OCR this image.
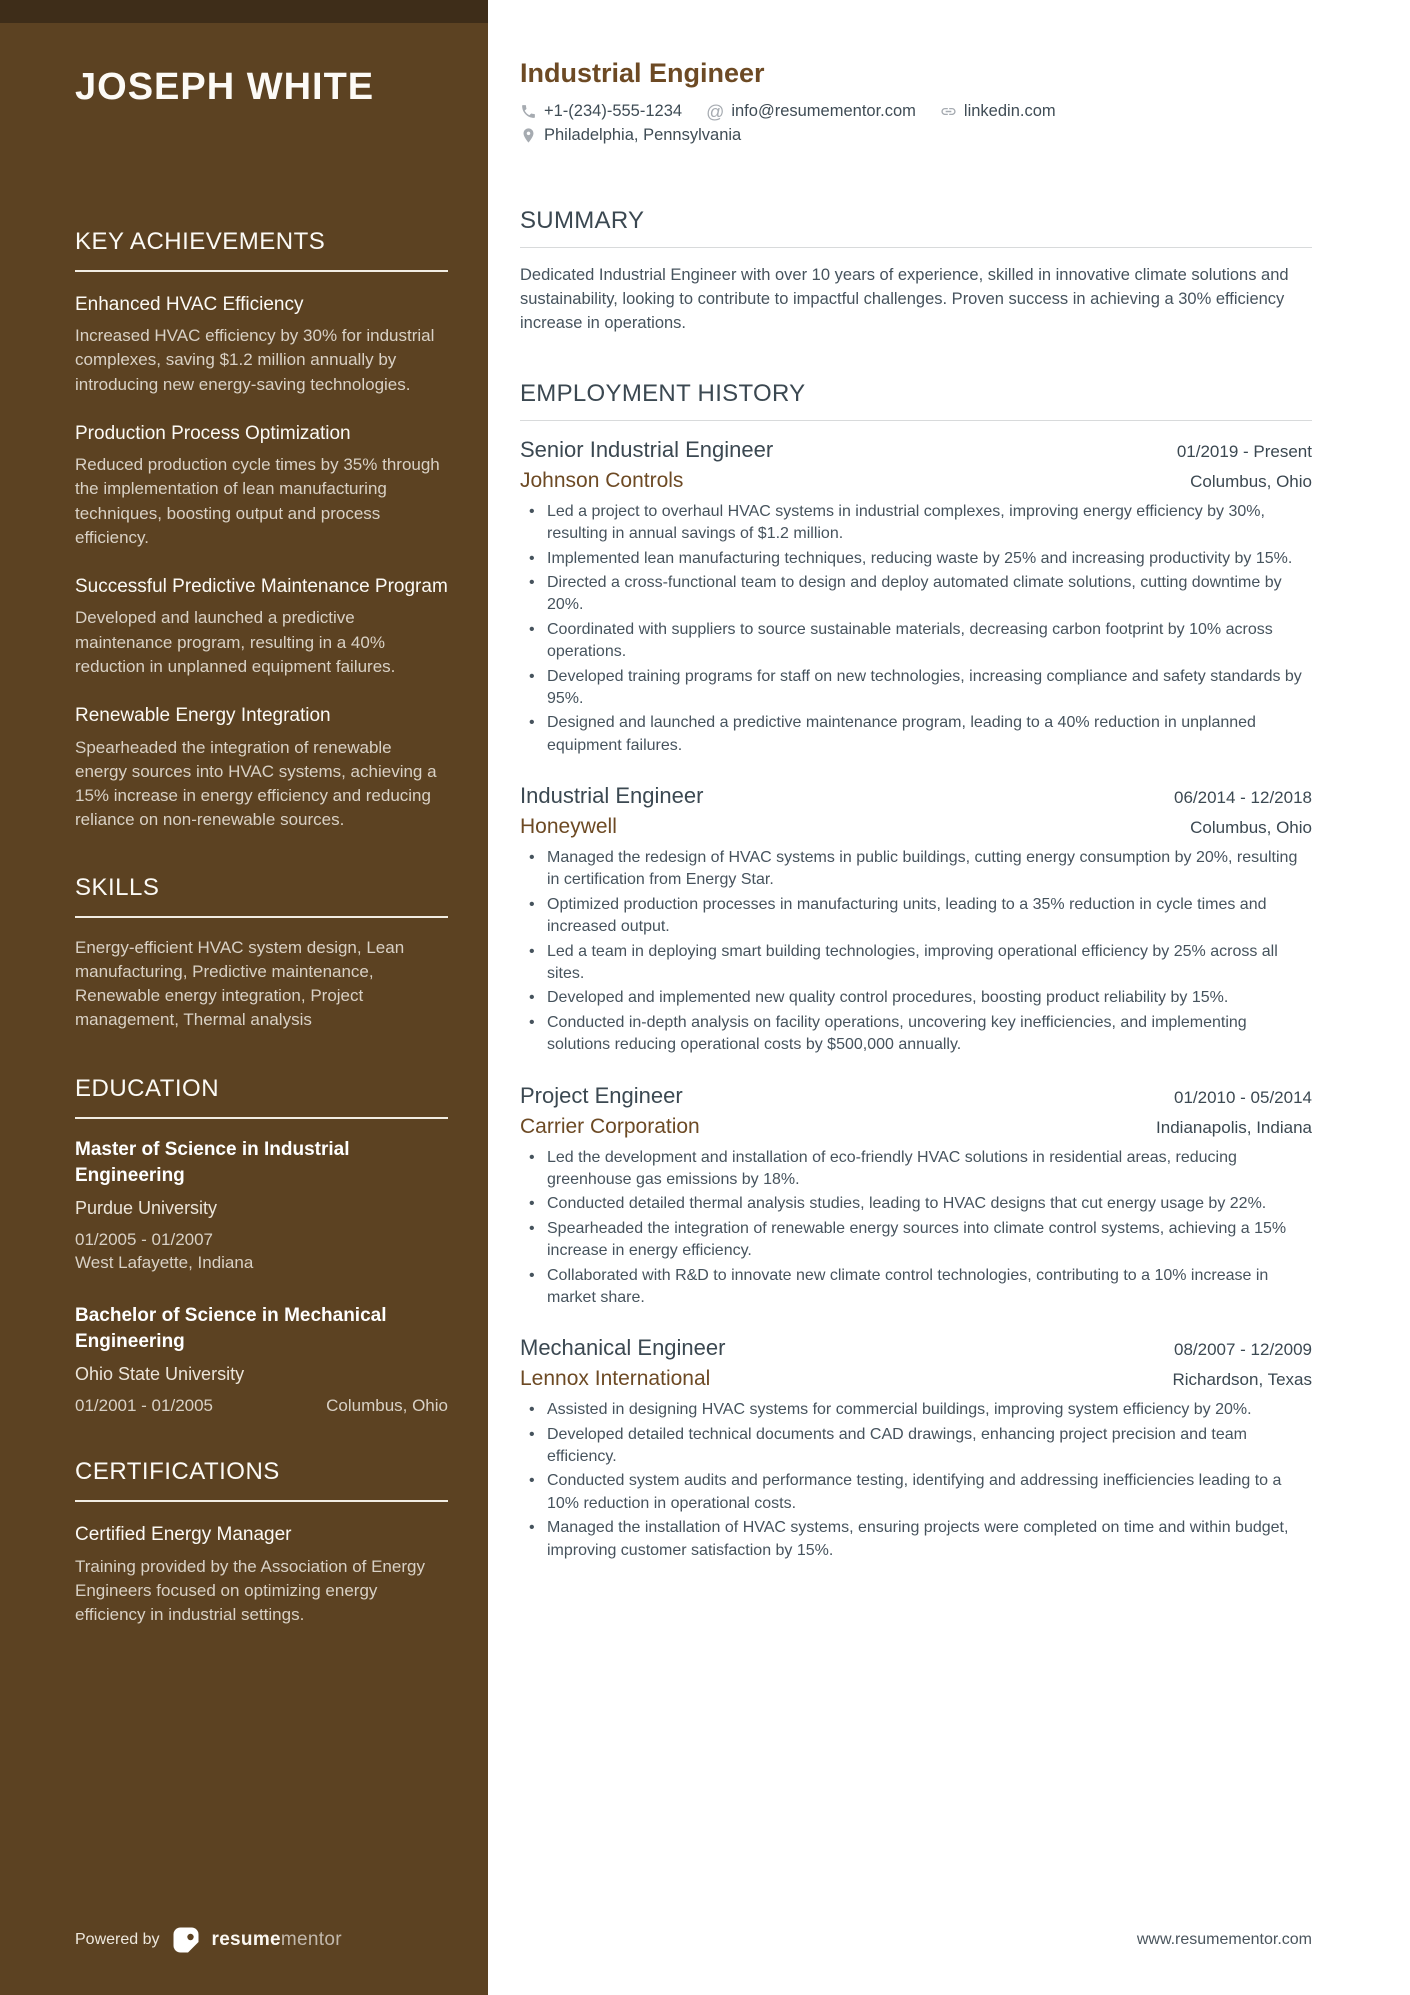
JOSEPH WHITE
KEY ACHIEVEMENTS
Enhanced HVAC Efficiency

Increased HVAC efficiency by 30% for industrial complexes, saving $1.2 million annually by introducing new energy-saving technologies.

Production Process Optimization

Reduced production cycle times by 35% through the implementation of lean manufacturing techniques, boosting output and process efficiency.

Successful Predictive Maintenance Program

Developed and launched a predictive maintenance program, resulting in a 40% reduction in unplanned equipment failures.

Renewable Energy Integration

Spearheaded the integration of renewable energy sources into HVAC systems, achieving a 15% increase in energy efficiency and reducing reliance on non-renewable sources.

SKILLS

Energy-efficient HVAC system design, Lean manufacturing, Predictive maintenance, Renewable energy integration, Project management, Thermal analysis

EDUCATION
Master of Science in Industrial Engineering
Purdue University
01/2005 - 01/2007
West Lafayette, Indiana
Bachelor of Science in Mechanical Engineering
Ohio State University
01/2001 - 01/2005	Columbus, Ohio
CERTIFICATIONS
Certified Energy Manager

Training provided by the Association of Energy Engineers focused on optimizing energy efficiency in industrial settings.

Powered by	resumementor
Industrial Engineer
+1-(234)-555-1234 @ info@resumementor.com	linkedin.com
Philadelphia, Pennsylvania
SUMMARY

Dedicated Industrial Engineer with over 10 years of experience, skilled in innovative climate solutions and sustainability, looking to contribute to impactful challenges. Proven success in achieving a 30% efficiency increase in operations.

EMPLOYMENT HISTORY
Senior Industrial Engineer	01/2019 - Present
Johnson Controls	Columbus, Ohio
• Led a project to overhaul HVAC systems in industrial complexes, improving energy efficiency by 30%, resulting in annual savings of $1.2 million.
• Implemented lean manufacturing techniques, reducing waste by 25% and increasing productivity by 15%.
• Directed a cross-functional team to design and deploy automated climate solutions, cutting downtime by 20%.
• Coordinated with suppliers to source sustainable materials, decreasing carbon footprint by 10% across operations.
• Developed training programs for staff on new technologies, increasing compliance and safety standards by 95%.
• Designed and launched a predictive maintenance program, leading to a 40% reduction in unplanned equipment failures.
Industrial Engineer	06/2014 - 12/2018
Honeywell	Columbus, Ohio
• Managed the redesign of HVAC systems in public buildings, cutting energy consumption by 20%, resulting in certification from Energy Star.
• Optimized production processes in manufacturing units, leading to a 35% reduction in cycle times and increased output.
• Led a team in deploying smart building technologies, improving operational efficiency by 25% across all sites.
• Developed and implemented new quality control procedures, boosting product reliability by 15%.
• Conducted in-depth analysis on facility operations, uncovering key inefficiencies, and implementing solutions reducing operational costs by $500,000 annually.
Project Engineer	01/2010 - 05/2014
Carrier Corporation	Indianapolis, Indiana
• Led the development and installation of eco-friendly HVAC solutions in residential areas, reducing greenhouse gas emissions by 18%.
• Conducted detailed thermal analysis studies, leading to HVAC designs that cut energy usage by 22%.
• Spearheaded the integration of renewable energy sources into climate control systems, achieving a 15% increase in energy efficiency.
• Collaborated with R&D to innovate new climate control technologies, contributing to a 10% increase in market share.
Mechanical Engineer	08/2007 - 12/2009
Lennox International	Richardson, Texas
• Assisted in designing HVAC systems for commercial buildings, improving system efficiency by 20%.
• Developed detailed technical documents and CAD drawings, enhancing project precision and team efficiency.
• Conducted system audits and performance testing, identifying and addressing inefficiencies leading to a 10% reduction in operational costs.
• Managed the installation of HVAC systems, ensuring projects were completed on time and within budget, improving customer satisfaction by 15%.
www.resumementor.com
